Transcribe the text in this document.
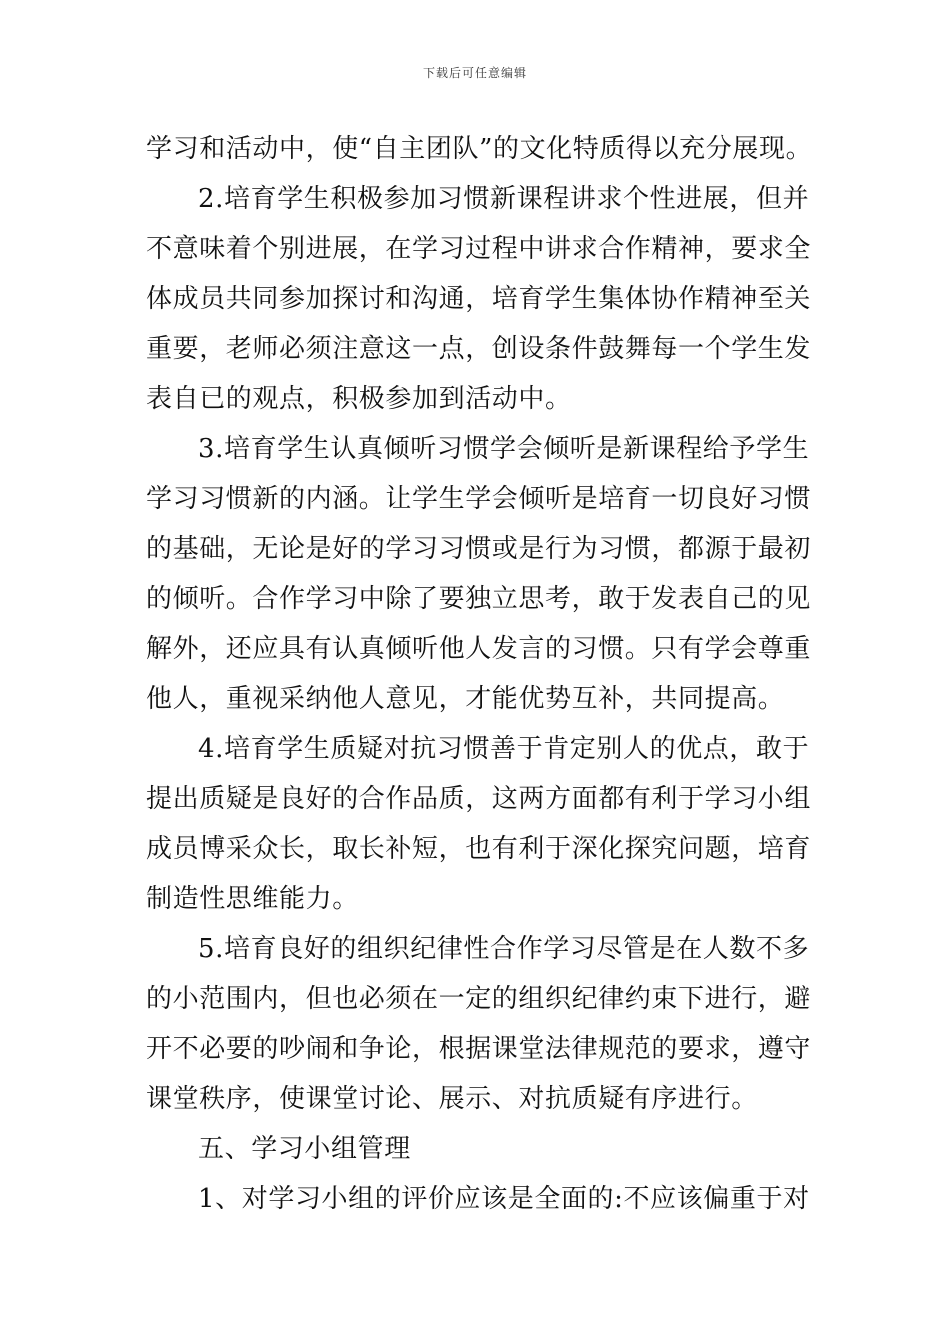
下载后可任意编辑
学习和活动中，使“自主团队”的文化特质得以充分展现。
2.培育学生积极参加习惯新课程讲求个性进展，但并
不意味着个别进展，在学习过程中讲求合作精神，要求全
体成员共同参加探讨和沟通，培育学生集体协作精神至关
重要，老师必须注意这一点，创设条件鼓舞每一个学生发
表自已的观点，积极参加到活动中。
3.培育学生认真倾听习惯学会倾听是新课程给予学生
学习习惯新的内涵。让学生学会倾听是培育一切良好习惯
的基础，无论是好的学习习惯或是行为习惯，都源于最初
的倾听。合作学习中除了要独立思考，敢于发表自己的见
解外，还应具有认真倾听他人发言的习惯。只有学会尊重
他人，重视采纳他人意见，才能优势互补，共同提高。
4.培育学生质疑对抗习惯善于肯定别人的优点，敢于
提出质疑是良好的合作品质，这两方面都有利于学习小组
成员博采众长，取长补短，也有利于深化探究问题，培育
制造性思维能力。
5.培育良好的组织纪律性合作学习尽管是在人数不多
的小范围内，但也必须在一定的组织纪律约束下进行，避
开不必要的吵闹和争论，根据课堂法律规范的要求，遵守
课堂秩序，使课堂讨论、展示、对抗质疑有序进行。
五、学习小组管理
1、对学习小组的评价应该是全面的:不应该偏重于对
